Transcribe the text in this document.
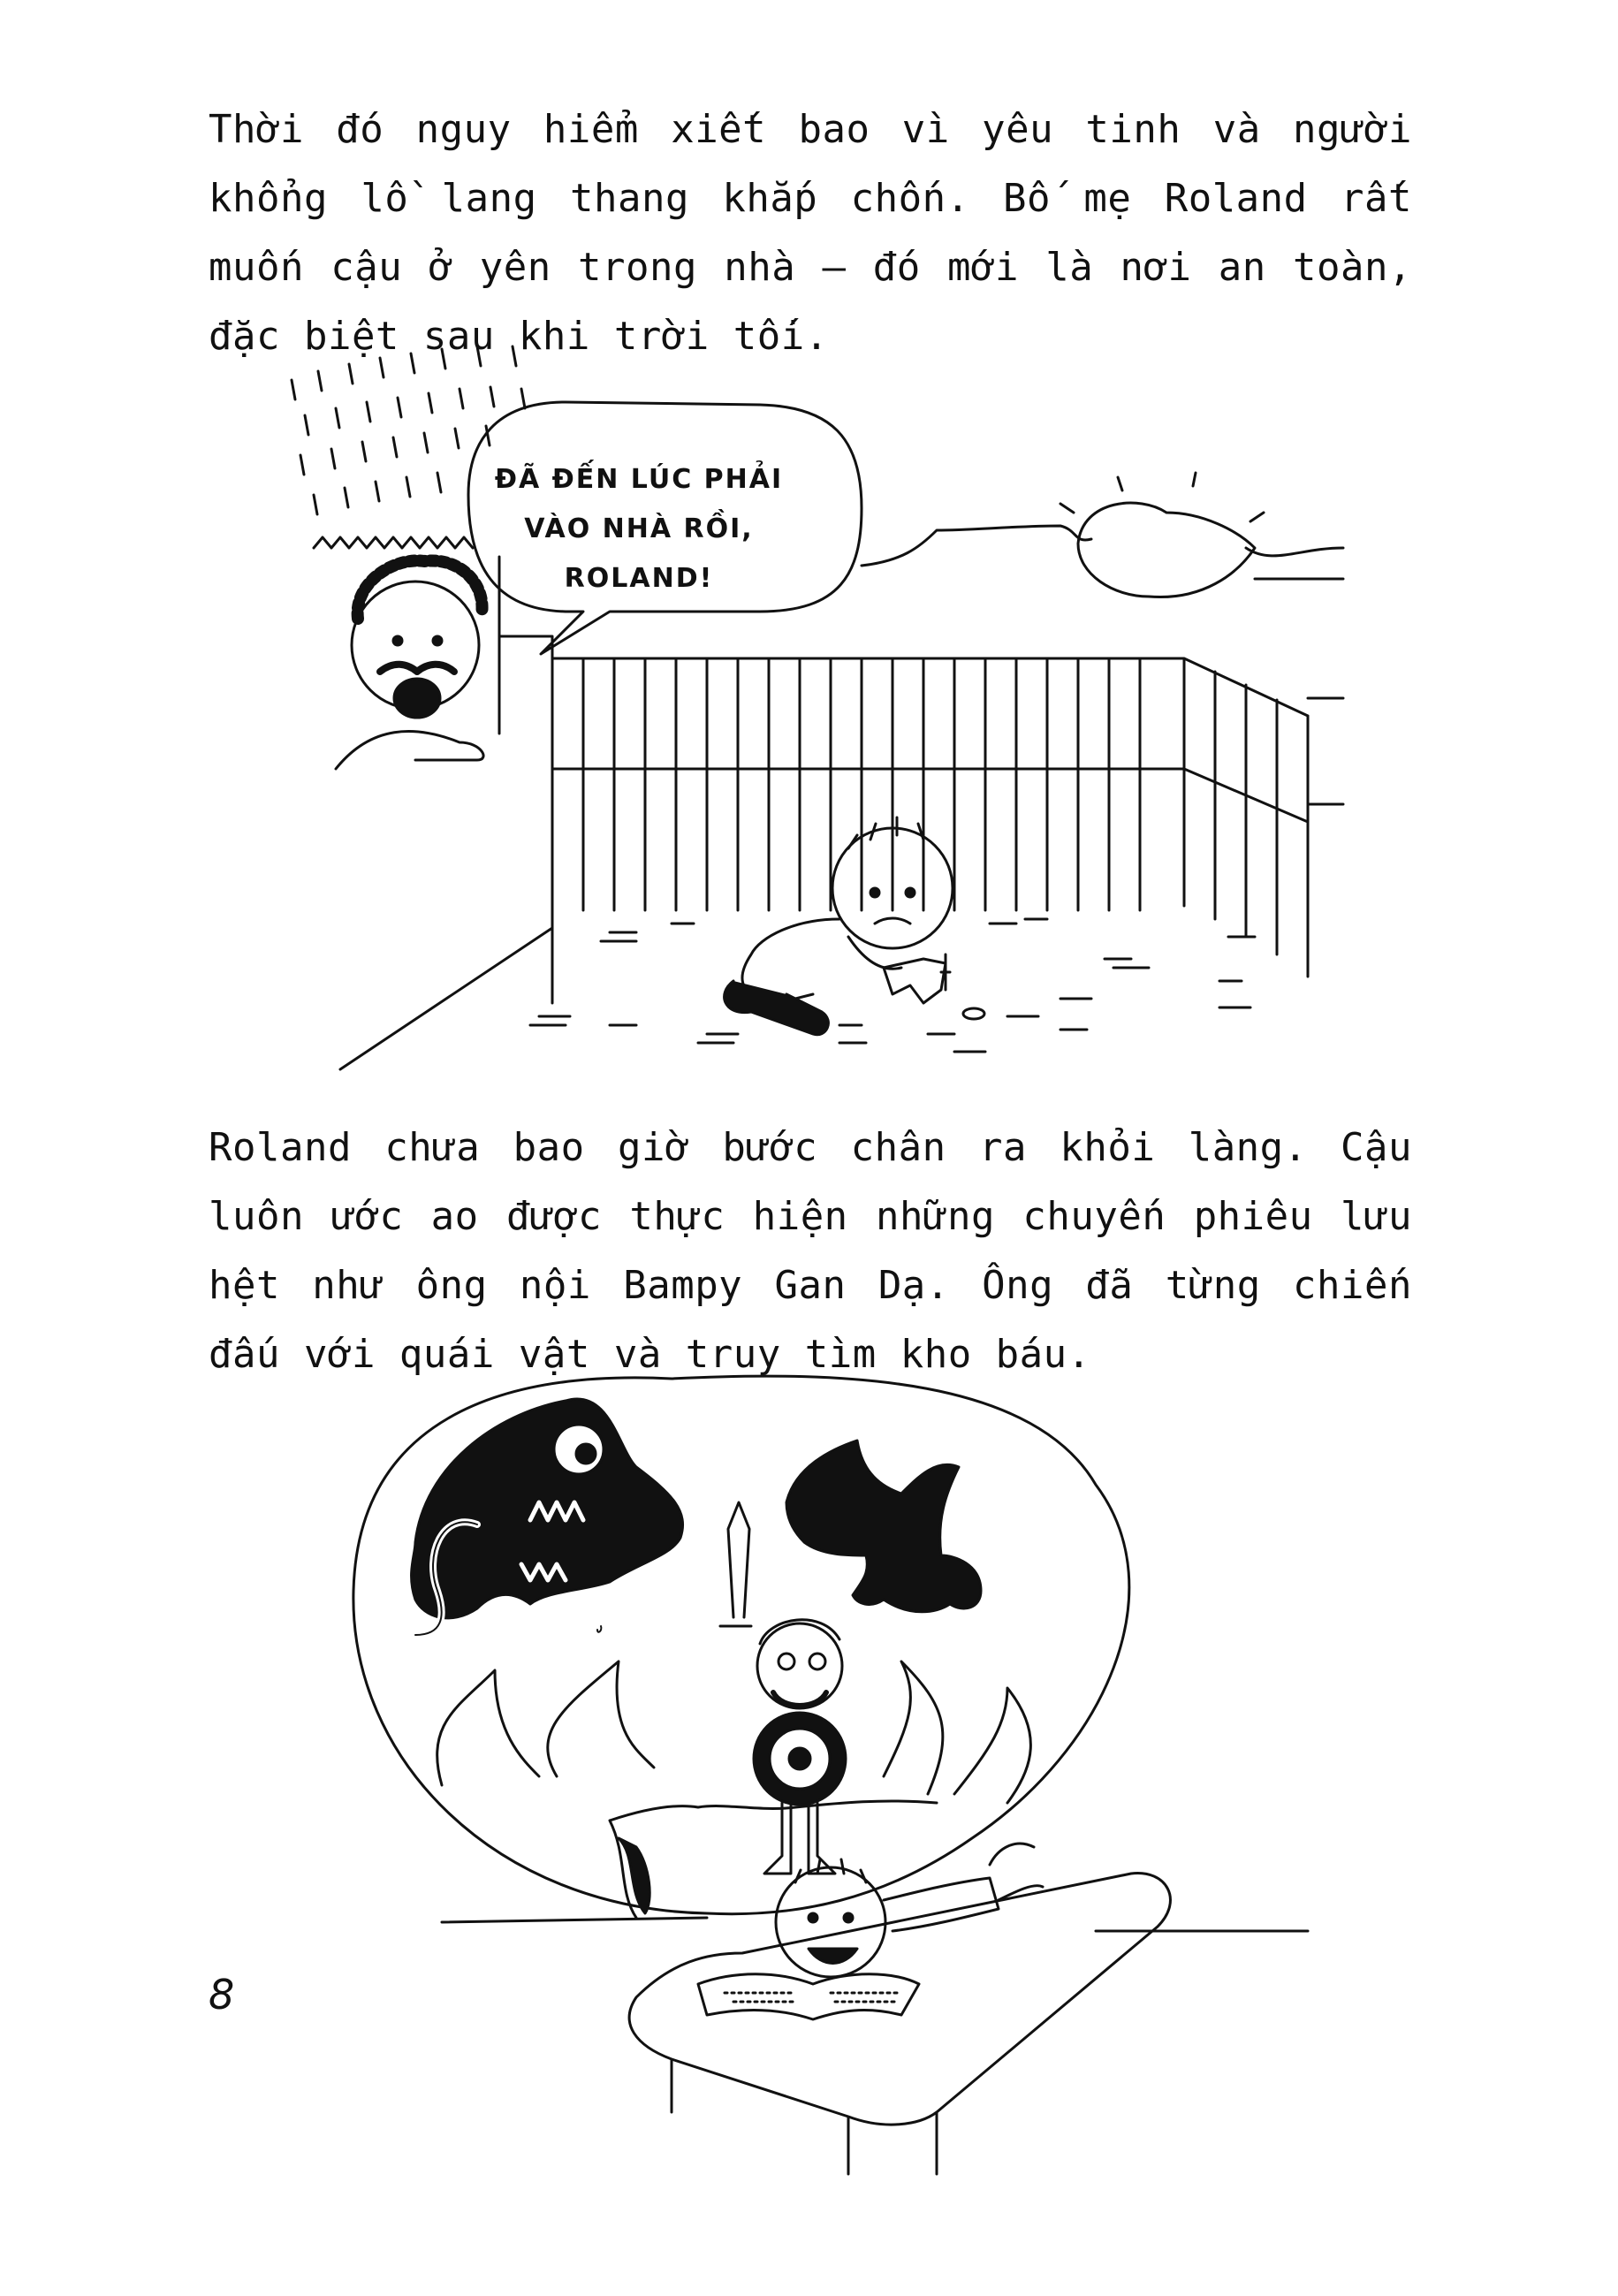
Thời đó nguy hiểm xiết bao vì yêu tinh và người khổng lồ lang thang khắp chốn. Bố mẹ Roland rất muốn cậu ở yên trong nhà – đó mới là nơi an toàn, đặc biệt sau khi trời tối.

ĐÃ ĐẾN LÚC PHẢI VÀO NHÀ RỒI, ROLAND!

Roland chưa bao giờ bước chân ra khỏi làng. Cậu luôn ước ao được thực hiện những chuyến phiêu lưu hệt như ông nội Bampy Gan Dạ. Ông đã từng chiến đấu với quái vật và truy tìm kho báu.

8
